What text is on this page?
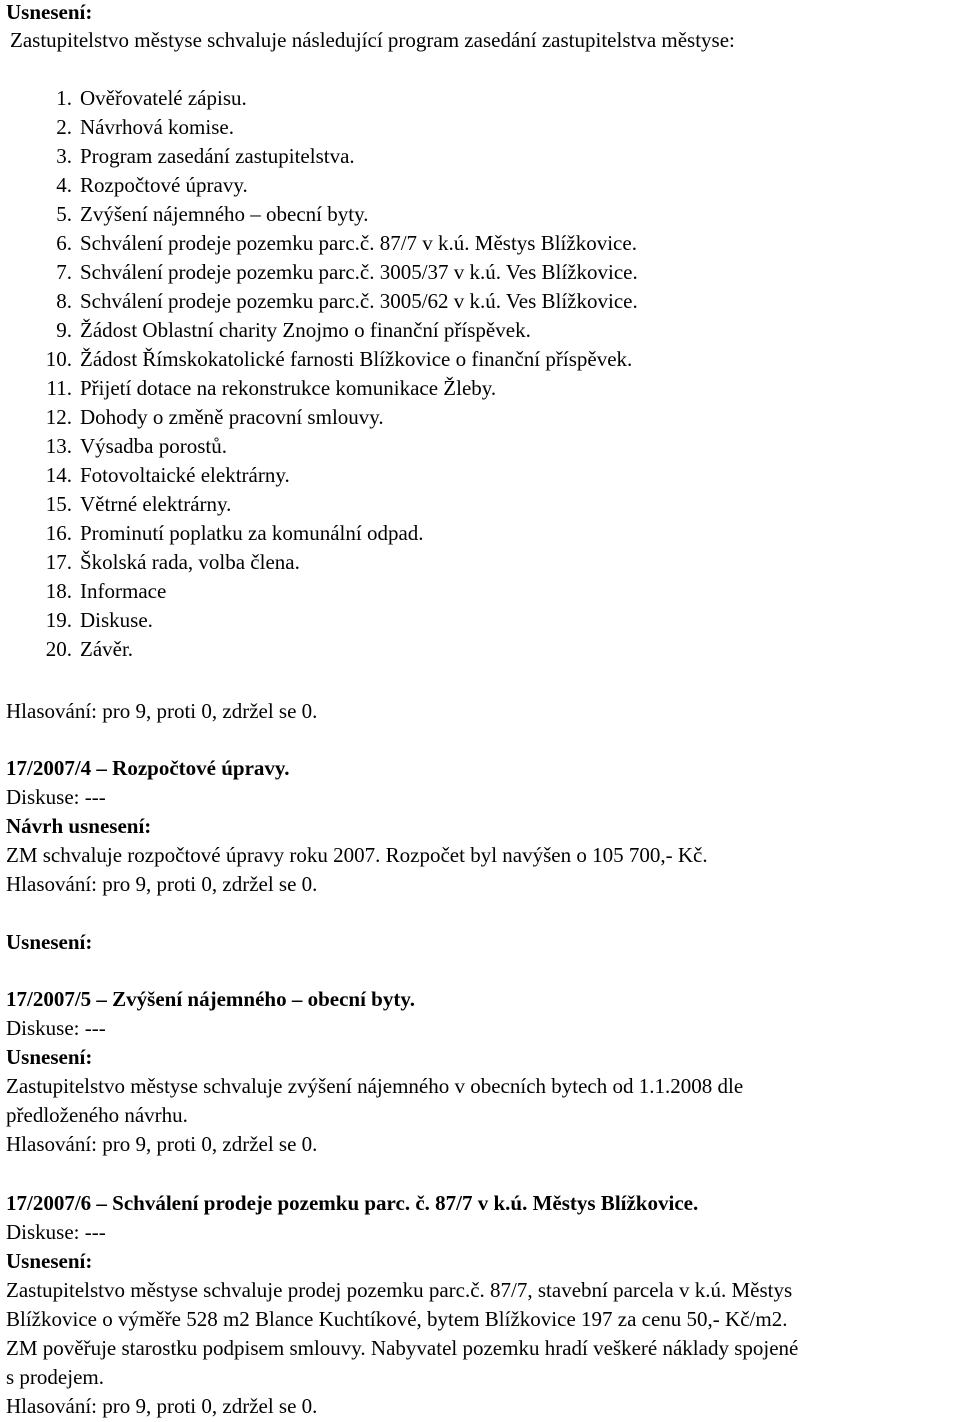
Usnesení:
Zastupitelstvo městyse schvaluje následující program zasedání zastupitelstva městyse:
1. Ověřovatelé zápisu.
2. Návrhová komise.
3. Program zasedání zastupitelstva.
4. Rozpočtové úpravy.
5. Zvýšení nájemného – obecní byty.
6. Schválení prodeje pozemku parc.č. 87/7 v k.ú. Městys Blížkovice.
7. Schválení prodeje pozemku parc.č. 3005/37 v k.ú. Ves Blížkovice.
8. Schválení prodeje pozemku parc.č. 3005/62 v k.ú. Ves Blížkovice.
9. Žádost Oblastní charity Znojmo o finanční příspěvek.
10. Žádost Římskokatolické farnosti Blížkovice o finanční příspěvek.
11. Přijetí dotace na rekonstrukce komunikace Žleby.
12. Dohody o změně pracovní smlouvy.
13. Výsadba porostů.
14. Fotovoltaické elektrárny.
15. Větrné elektrárny.
16. Prominutí poplatku za komunální odpad.
17. Školská rada, volba člena.
18. Informace
19. Diskuse.
20. Závěr.
Hlasování: pro 9, proti 0, zdržel se 0.
17/2007/4 – Rozpočtové úpravy.
Diskuse: ---
Návrh usnesení:
ZM schvaluje rozpočtové úpravy roku 2007. Rozpočet byl navýšen o 105 700,- Kč.
Hlasování: pro 9, proti 0, zdržel se 0.
Usnesení:
17/2007/5 – Zvýšení nájemného – obecní byty.
Diskuse: ---
Usnesení:
Zastupitelstvo městyse schvaluje zvýšení nájemného v obecních bytech od 1.1.2008 dle
předloženého návrhu.
Hlasování: pro 9, proti 0, zdržel se 0.
17/2007/6 – Schválení prodeje pozemku parc. č. 87/7 v k.ú. Městys Blížkovice.
Diskuse: ---
Usnesení:
Zastupitelstvo městyse schvaluje prodej pozemku parc.č. 87/7, stavební parcela v k.ú. Městys
Blížkovice o výměře 528 m2 Blance Kuchtíkové, bytem Blížkovice 197 za cenu 50,- Kč/m2.
ZM pověřuje starostku podpisem smlouvy. Nabyvatel pozemku hradí veškeré náklady spojené
s prodejem.
Hlasování: pro 9, proti 0, zdržel se 0.
